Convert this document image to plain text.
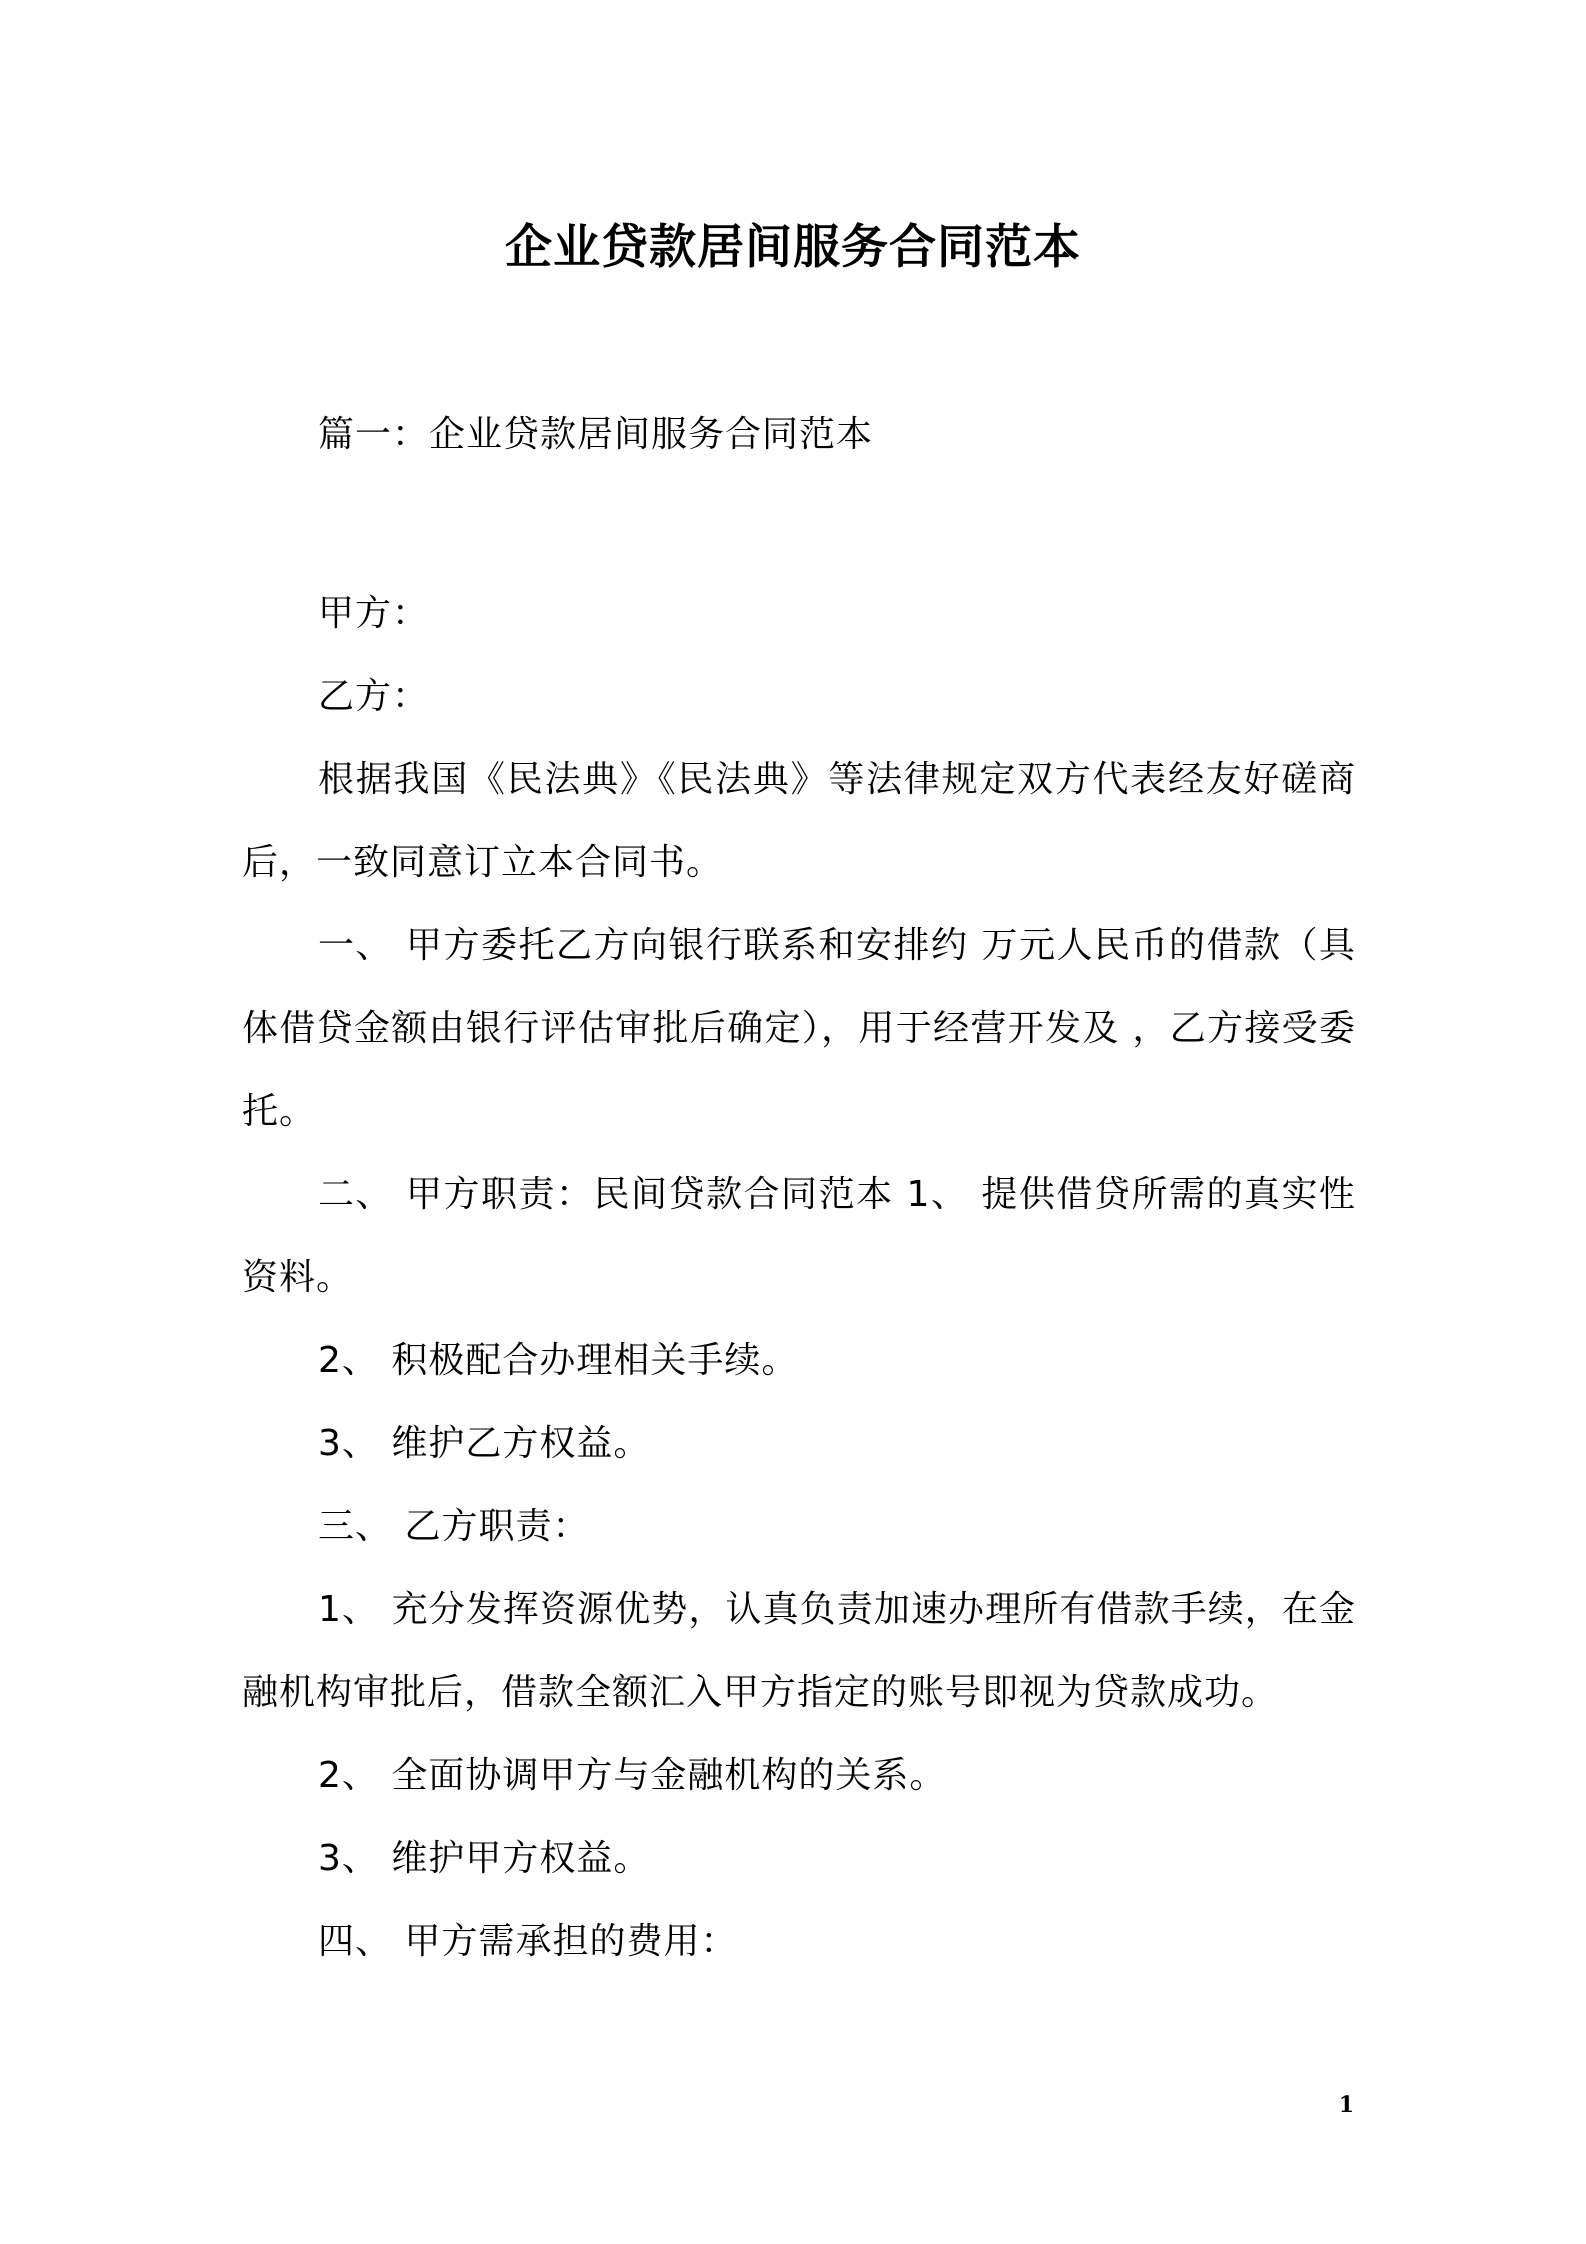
企业贷款居间服务合同范本
篇一：企业贷款居间服务合同范本

甲方：

乙方：

根据我国《民法典》《民法典》等法律规定双方代表经友好磋商后，一致同意订立本合同书。

一、 甲方委托乙方向银行联系和安排约 万元人民币的借款（具体借贷金额由银行评估审批后确定），用于经营开发及 ，乙方接受委托。

二、 甲方职责：民间贷款合同范本 1、 提供借贷所需的真实性资料。

2、 积极配合办理相关手续。

3、 维护乙方权益。

三、 乙方职责：

1、 充分发挥资源优势，认真负责加速办理所有借款手续，在金融机构审批后，借款全额汇入甲方指定的账号即视为贷款成功。

2、 全面协调甲方与金融机构的关系。

3、 维护甲方权益。

四、 甲方需承担的费用：

1
